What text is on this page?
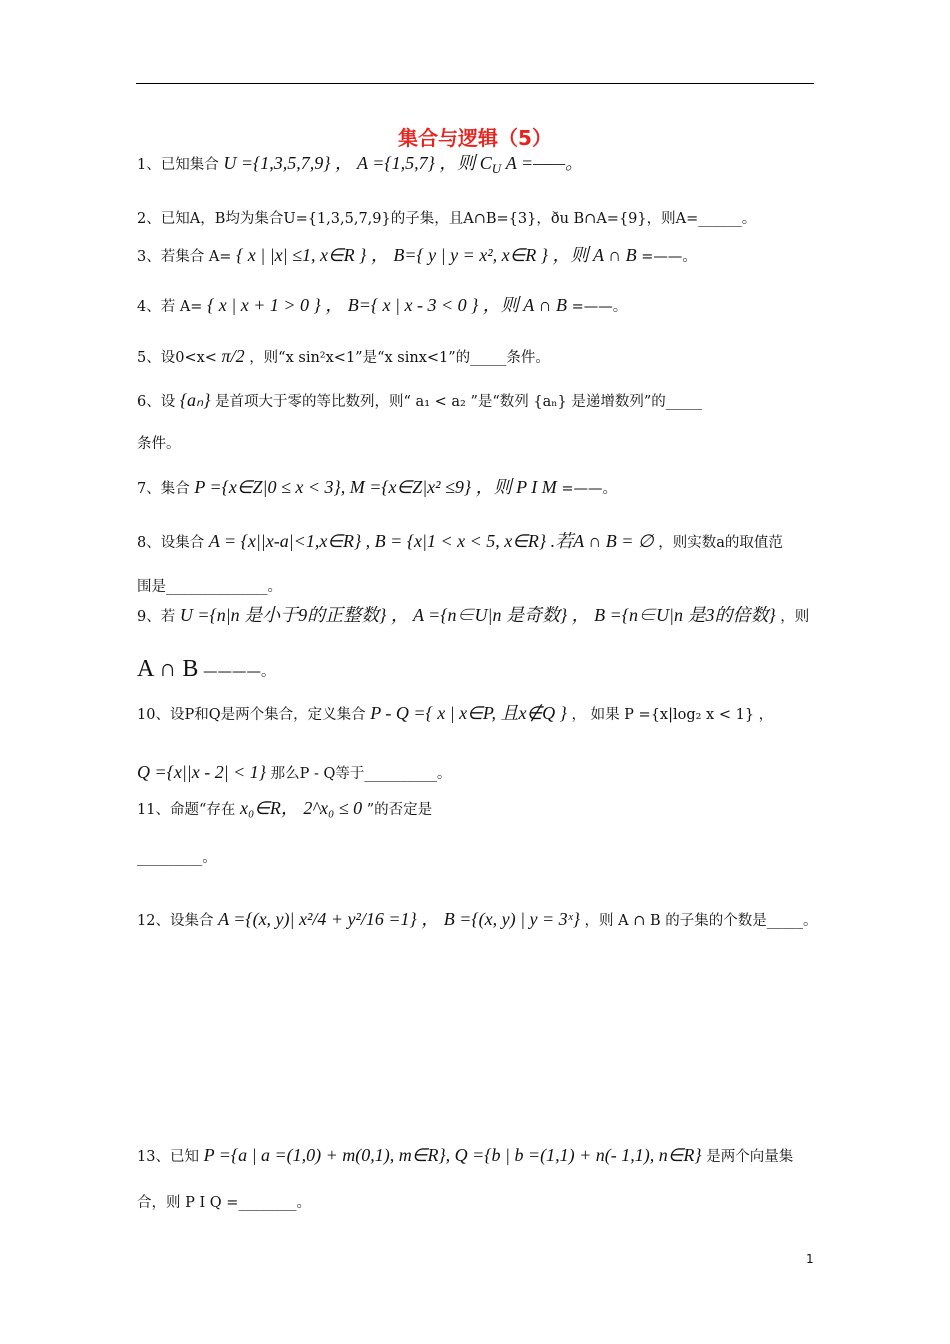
集合与逻辑（5）
1、已知集合 U ={1,3,5,7,9} ， A ={1,5,7} ，则 $C_U$ A =——。
2、已知A，B均为集合U={1,3,5,7,9}的子集，且A∩B={3}，ðu B∩A={9}，则A=______。
3、若集合 A= { x | |x| ≤1, x∈R } ， B={ y | y = x², x∈R } ，则 A ∩ B =——。
4、若 A= { x | x + 1 > 0 } ， B={ x | x - 3 < 0 } ，则 A ∩ B =——。
5、设0<x< π/2 ，则“x sin²x<1”是“x sinx<1”的_____条件。
6、设 {aₙ} 是首项大于零的等比数列，则“ a₁ < a₂ ”是“数列 {aₙ} 是递增数列”的_____
条件。
7、集合 P ={x∈Z|0 ≤ x < 3}, M ={x∈Z|x² ≤9} ，则 P I M =——。
8、设集合 A = {x||x-a|<1,x∈R} , B = {x|1 < x < 5, x∈R} .若A ∩ B = ∅ ，则实数a的取值范
围是______________。
9、若 U ={n|n 是小于9的正整数} ， A ={n∈U|n 是奇数} ， B ={n∈U|n 是3的倍数} ，则
A ∩ B ————。
10、设P和Q是两个集合，定义集合 P - Q ={ x | x∈P, 且x∉Q } ， 如果 P ={x|log₂ x < 1} ，
Q ={x||x - 2| < 1} 那么P - Q等于__________。
11、命题“存在 x₀∈R， 2^x₀ ≤ 0 ”的否定是
_________。
12、设集合 A ={(x, y)| x²/4 + y²/16 =1} ， B ={(x, y) | y = 3ˣ} ，则 A ∩ B 的子集的个数是_____。
13、已知 P ={a | a =(1,0) + m(0,1), m∈R}, Q ={b | b =(1,1) + n(- 1,1), n∈R} 是两个向量集
合，则 P I Q =________。
1
